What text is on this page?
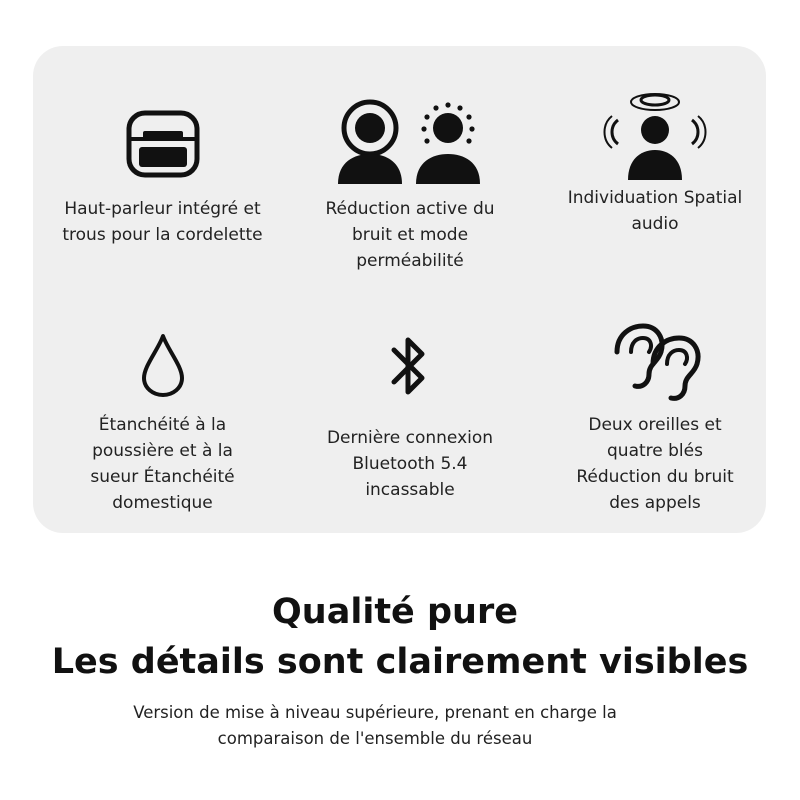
Haut-parleur intégré et
trous pour la cordelette
Réduction active du
bruit et mode
perméabilité
Individuation Spatial
audio
Étanchéité à la
poussière et à la
sueur Étanchéité
domestique
Dernière connexion
Bluetooth 5.4
incassable
Deux oreilles et
quatre blés
Réduction du bruit
des appels
Qualité pure
Les détails sont clairement visibles
Version de mise à niveau supérieure, prenant en charge la comparaison de l'ensemble du réseau
